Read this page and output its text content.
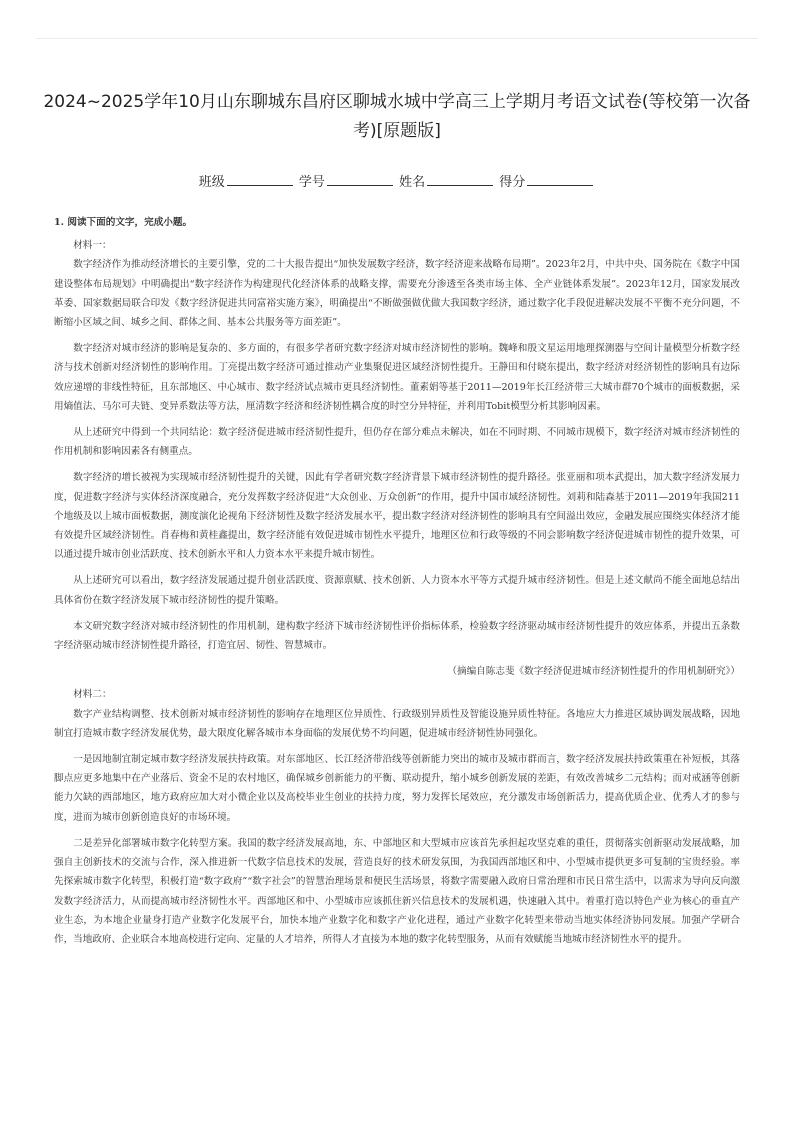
2024~2025学年10月山东聊城东昌府区聊城水城中学高三上学期月考语文试卷(等校第一次备考)[原题版]
班级	学号	姓名	得分
1. 阅读下面的文字，完成小题。
材料一：

数字经济作为推动经济增长的主要引擎，党的二十大报告提出“加快发展数字经济，数字经济迎来战略布局期”。2023年2月，中共中央、国务院在《数字中国建设整体布局规划》中明确提出“数字经济作为构建现代化经济体系的战略支撑，需要充分渗透至各类市场主体、全产业链体系发展”。2023年12月，国家发展改革委、国家数据局联合印发《数字经济促进共同富裕实施方案》，明确提出“不断做强做优做大我国数字经济，通过数字化手段促进解决发展不平衡不充分问题，不断缩小区域之间、城乡之间、群体之间、基本公共服务等方面差距”。

数字经济对城市经济的影响是复杂的、多方面的，有很多学者研究数字经济对城市经济韧性的影响。魏峰和殷文星运用地理探测器与空间计量模型分析数字经济与技术创新对经济韧性的影响作用。丁亮提出数字经济可通过推动产业集聚促进区域经济韧性提升。王静田和付晓东提出，数字经济对经济韧性的影响具有边际效应递增的非线性特征，且东部地区、中心城市、数字经济试点城市更具经济韧性。董素娟等基于2011—2019年长江经济带三大城市群70个城市的面板数据，采用熵值法、马尔可夫链、变异系数法等方法，厘清数字经济和经济韧性耦合度的时空分异特征，并利用Tobit模型分析其影响因素。

从上述研究中得到一个共同结论：数字经济促进城市经济韧性提升，但仍存在部分难点未解决，如在不同时期、不同城市规模下，数字经济对城市经济韧性的作用机制和影响因素各有侧重点。

数字经济的增长被视为实现城市经济韧性提升的关键，因此有学者研究数字经济背景下城市经济韧性的提升路径。张亚丽和项本武提出，加大数字经济发展力度，促进数字经济与实体经济深度融合，充分发挥数字经济促进“大众创业、万众创新”的作用，提升中国市域经济韧性。刘莉和陆森基于2011—2019年我国211个地级及以上城市面板数据，测度演化论视角下经济韧性及数字经济发展水平，提出数字经济对经济韧性的影响具有空间溢出效应，金融发展应围绕实体经济才能有效提升区域经济韧性。肖春梅和黄桂鑫提出，数字经济能有效促进城市韧性水平提升，地理区位和行政等级的不同会影响数字经济促进城市韧性的提升效果，可以通过提升城市创业活跃度、技术创新水平和人力资本水平来提升城市韧性。

从上述研究可以看出，数字经济发展通过提升创业活跃度、资源禀赋、技术创新、人力资本水平等方式提升城市经济韧性。但是上述文献尚不能全面地总结出具体省份在数字经济发展下城市经济韧性的提升策略。

本文研究数字经济对城市经济韧性的作用机制，建构数字经济下城市经济韧性评价指标体系，检验数字经济驱动城市经济韧性提升的效应体系，并提出五条数字经济驱动城市经济韧性提升路径，打造宜居、韧性、智慧城市。

（摘编自陈志斐《数字经济促进城市经济韧性提升的作用机制研究》）
材料二：

数字产业结构调整、技术创新对城市经济韧性的影响存在地理区位异质性、行政级别异质性及智能设施异质性特征。各地应大力推进区域协调发展战略，因地制宜打造城市数字经济发展优势，最大限度化解各城市本身面临的发展优势不均问题，促进城市经济韧性协同强化。

一是因地制宜制定城市数字经济发展扶持政策。对东部地区、长江经济带沿线等创新能力突出的城市及城市群而言，数字经济发展扶持政策重在补短板，其落脚点应更多地集中在产业落后、资金不足的农村地区，确保城乡创新能力的平衡、联动提升，缩小城乡创新发展的差距，有效改善城乡二元结构；而对戒涵等创新能力欠缺的西部地区，地方政府应加大对小微企业以及高校毕业生创业的扶持力度，努力发挥长尾效应，充分激发市场创新活力，提高优质企业、优秀人才的参与度，进而为城市创新创造良好的市场环境。

二是差异化部署城市数字化转型方案。我国的数字经济发展高地，东、中部地区和大型城市应该首先承担起攻坚克难的重任，贯彻落实创新驱动发展战略，加强自主创新技术的交流与合作，深入推进新一代数字信息技术的发展，营造良好的技术研发氛围，为我国西部地区和中、小型城市提供更多可复制的宝贵经验。率先探索城市数字化转型，积极打造“数字政府”“数字社会”的智慧治理场景和便民生活场景，将数字需要融入政府日常治理和市民日常生活中，以需求为导向反向激发数字经济活力，从而提高城市经济韧性水平。西部地区和中、小型城市应该抓住新兴信息技术的发展机遇，快速融入其中。着重打造以特色产业为核心的垂直产业生态，为本地企业量身打造产业数字化发展平台，加快本地产业数字化和数字产业化进程，通过产业数字化转型来带动当地实体经济协同发展。加强产学研合作，当地政府、企业联合本地高校进行定向、定量的人才培养，所得人才直接为本地的数字化转型服务，从而有效赋能当地城市经济韧性水平的提升。
